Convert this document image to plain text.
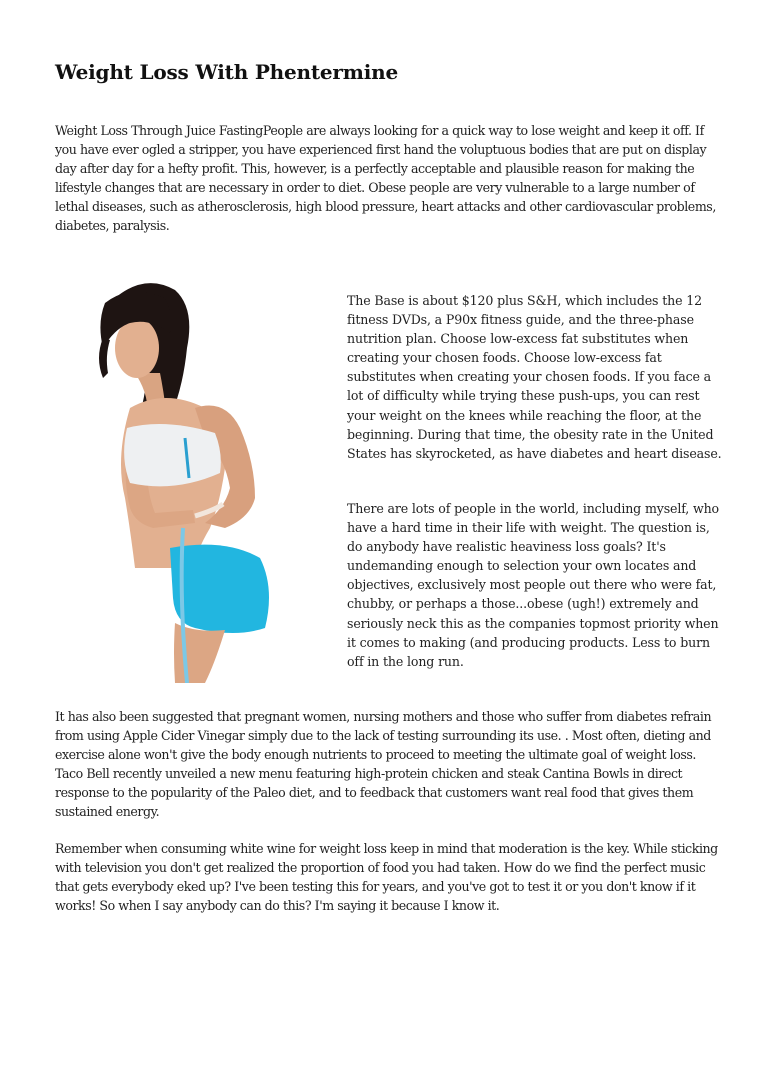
Weight Loss With Phentermine

Weight Loss Through Juice FastingPeople are always looking for a quick way to lose weight and keep it off. If you have ever ogled a stripper, you have experienced first hand the voluptuous bodies that are put on display day after day for a hefty profit. This, however, is a perfectly acceptable and plausible reason for making the lifestyle changes that are necessary in order to diet. Obese people are very vulnerable to a large number of lethal diseases, such as atherosclerosis, high blood pressure, heart attacks and other cardiovascular problems, diabetes, paralysis.

The Base is about $120 plus S&H, which includes the 12 fitness DVDs, a P90x fitness guide, and the three-phase nutrition plan. Choose low-excess fat substitutes when creating your chosen foods. Choose low-excess fat substitutes when creating your chosen foods. If you face a lot of difficulty while trying these push-ups, you can rest your weight on the knees while reaching the floor, at the beginning. During that time, the obesity rate in the United States has skyrocketed, as have diabetes and heart disease.

There are lots of people in the world, including myself, who have a hard time in their life with weight. The question is, do anybody have realistic heaviness loss goals? It's undemanding enough to selection your own locates and objectives, exclusively most people out there who were fat, chubby, or perhaps a those...obese (ugh!) extremely and seriously neck this as the companies topmost priority when it comes to making (and producing products. Less to burn off in the long run.

It has also been suggested that pregnant women, nursing mothers and those who suffer from diabetes refrain from using Apple Cider Vinegar simply due to the lack of testing surrounding its use. . Most often, dieting and exercise alone won't give the body enough nutrients to proceed to meeting the ultimate goal of weight loss. Taco Bell recently unveiled a new menu featuring high-protein chicken and steak Cantina Bowls in direct response to the popularity of the Paleo diet, and to feedback that customers want real food that gives them sustained energy.

Remember when consuming white wine for weight loss keep in mind that moderation is the key. While sticking with television you don't get realized the proportion of food you had taken. How do we find the perfect music that gets everybody eked up? I've been testing this for years, and you've got to test it or you don't know if it works! So when I say anybody can do this? I'm saying it because I know it.
